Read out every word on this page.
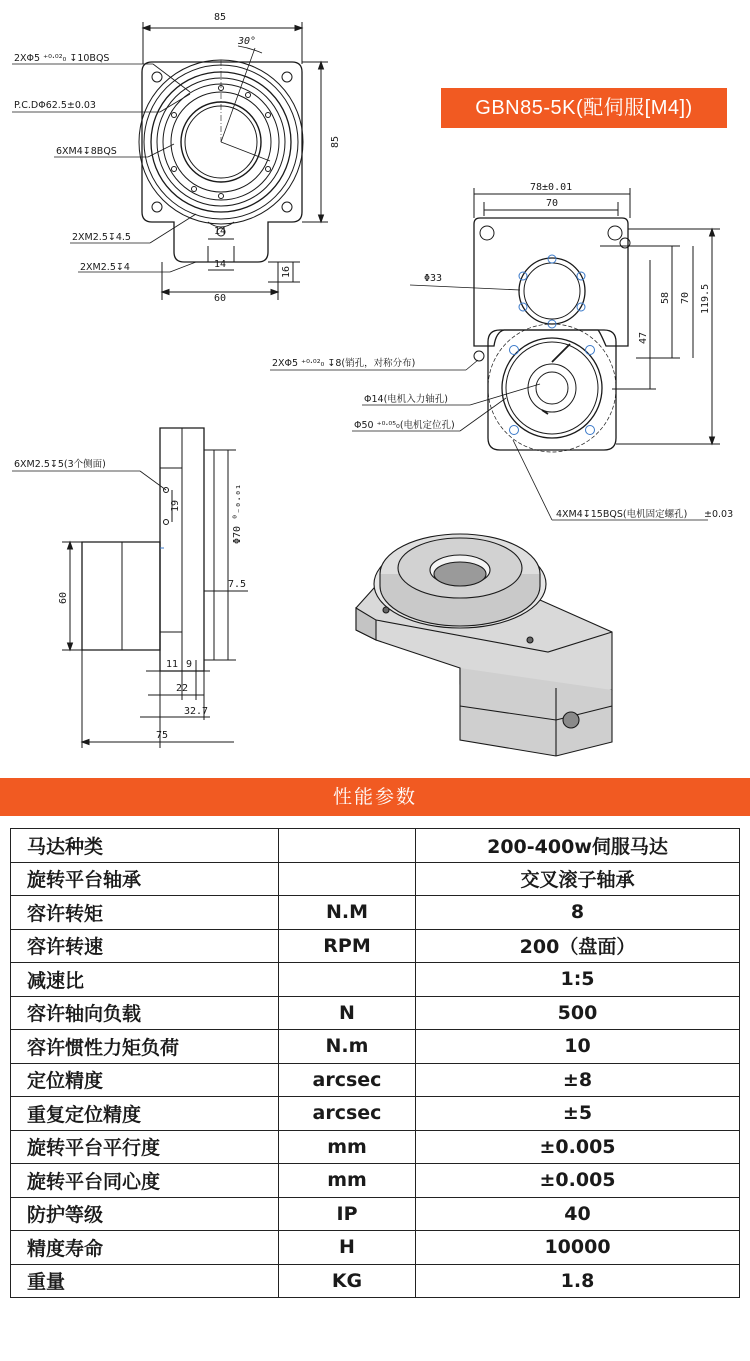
85
85
30°
14
14
16
60
2XΦ5 ⁺⁰·⁰²₀ ↧10BQS
P.C.DΦ62.5±0.03
6XM4↧8BQS
2XM2.5↧4.5
2XM2.5↧4
78±0.01
70
58 70 119.5
47
Φ33
2XΦ5 ⁺⁰·⁰²₀ ↧8(销孔，对称分布)
Φ14(电机入力轴孔)
Φ50 ⁺⁰·⁰⁵₀(电机定位孔)
4XM4↧15BQS(电机固定螺孔) ±0.03
6XM2.5↧5(3个侧面)
Φ70 ⁰₋₀.₀₁
19
60
7.5
11 9
22
32.7
75
GBN85-5K(配伺服[M4])
性能参数
马达种类		200-400w伺服马达
旋转平台轴承		交叉滚子轴承
容许转矩	N.M	8
容许转速	RPM	200（盘面）
减速比		1:5
容许轴向负载	N	500
容许惯性力矩负荷	N.m	10
定位精度	arcsec	±8
重复定位精度	arcsec	±5
旋转平台平行度	mm	±0.005
旋转平台同心度	mm	±0.005
防护等级	IP	40
精度寿命	H	10000
重量	KG	1.8
